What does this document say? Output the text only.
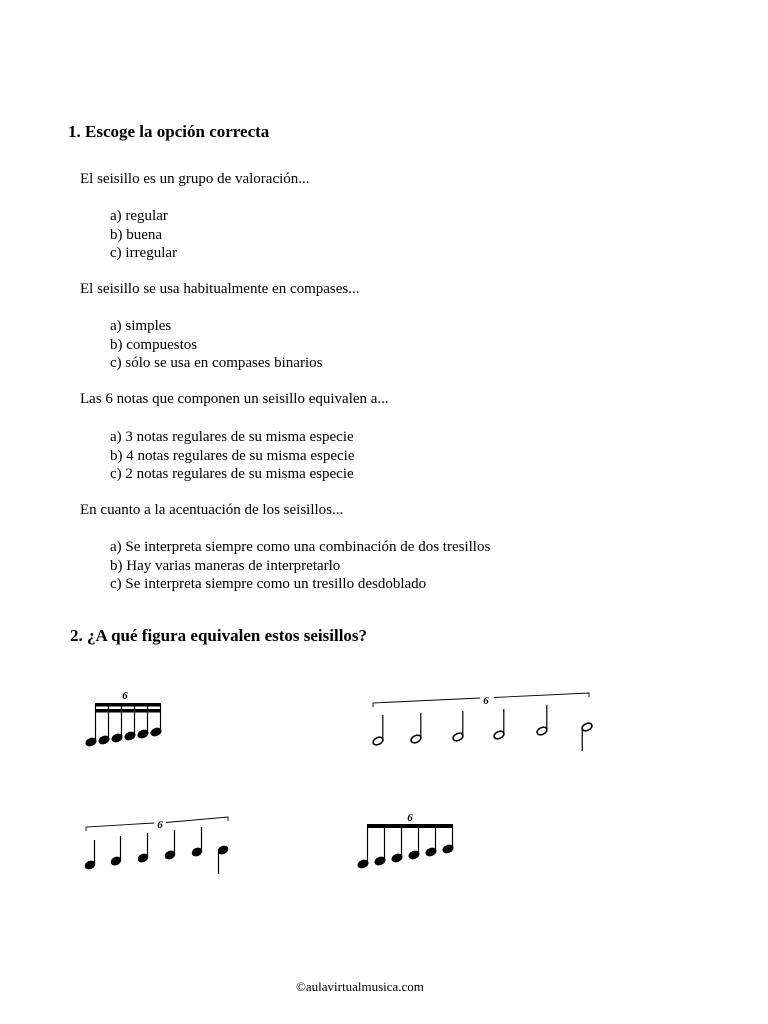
1. Escoge la opción correcta
El seisillo es un grupo de valoración...
a) regular
b) buena
c) irregular
El seisillo se usa habitualmente en compases...
a) simples
b) compuestos
c) sólo se usa en compases binarios
Las 6 notas que componen un seisillo equivalen a...
a) 3 notas regulares de su misma especie
b) 4 notas regulares de su misma especie
c) 2 notas regulares de su misma especie
En cuanto a la acentuación de los seisillos...
a) Se interpreta siempre como una combinación de dos tresillos
b) Hay varias maneras de interpretarlo
c) Se interpreta siempre como un tresillo desdoblado
2. ¿A qué figura equivalen estos seisillos?
6	6
6
6
©aulavirtualmusica.com
